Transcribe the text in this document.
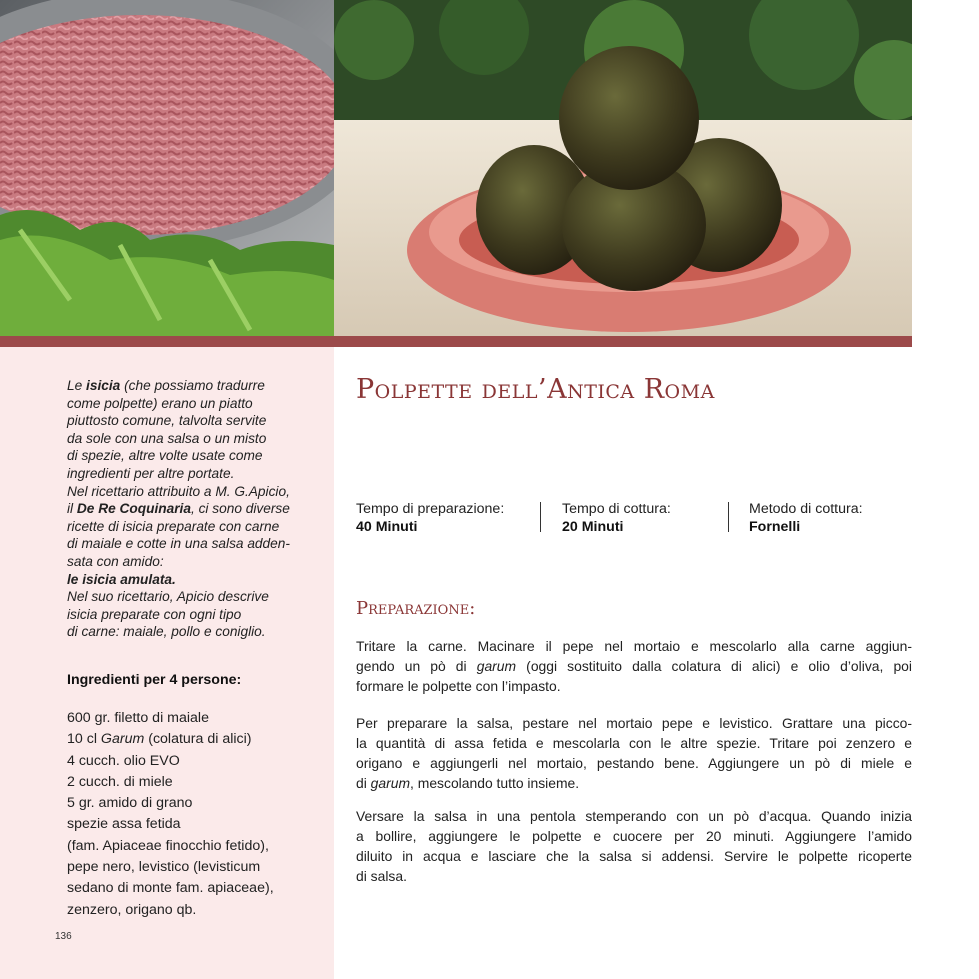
Le isicia (che possiamo tradurre
come polpette) erano un piatto
piuttosto comune, talvolta servite
da sole con una salsa o un misto
di spezie, altre volte usate come
ingredienti per altre portate.
Nel ricettario attribuito a M. G.Apicio,
il De Re Coquinaria, ci sono diverse
ricette di isicia preparate con carne
di maiale e cotte in una salsa adden-
sata con amido:
le isicia amulata.
Nel suo ricettario, Apicio descrive
isicia preparate con ogni tipo
di carne: maiale, pollo e coniglio.
Ingredienti per 4 persone:
600 gr. filetto di maiale
10 cl Garum (colatura di alici)
4 cucch. olio EVO
2 cucch. di miele
5 gr. amido di grano
spezie assa fetida
(fam. Apiaceae finocchio fetido),
pepe nero, levistico (levisticum
sedano di monte fam. apiaceae),
zenzero, origano qb.
136
Polpette dell’Antica Roma
Tempo di preparazione:
40 Minuti
Tempo di cottura:
20 Minuti
Metodo di cottura:
Fornelli
Preparazione:
Tritare la carne. Macinare il pepe nel mortaio e mescolarlo alla carne aggiun-
gendo un pò di garum (oggi sostituito dalla colatura di alici) e olio d’oliva, poi
formare le polpette con l’impasto.
Per preparare la salsa, pestare nel mortaio pepe e levistico. Grattare una picco-
la quantità di assa fetida e mescolarla con le altre spezie. Tritare poi zenzero e
origano e aggiungerli nel mortaio, pestando bene. Aggiungere un pò di miele e
di garum, mescolando tutto insieme.
Versare la salsa in una pentola stemperando con un pò d’acqua. Quando inizia
a bollire, aggiungere le polpette e cuocere per 20 minuti. Aggiungere l’amido
diluito in acqua e lasciare che la salsa si addensi. Servire le polpette ricoperte
di salsa.
